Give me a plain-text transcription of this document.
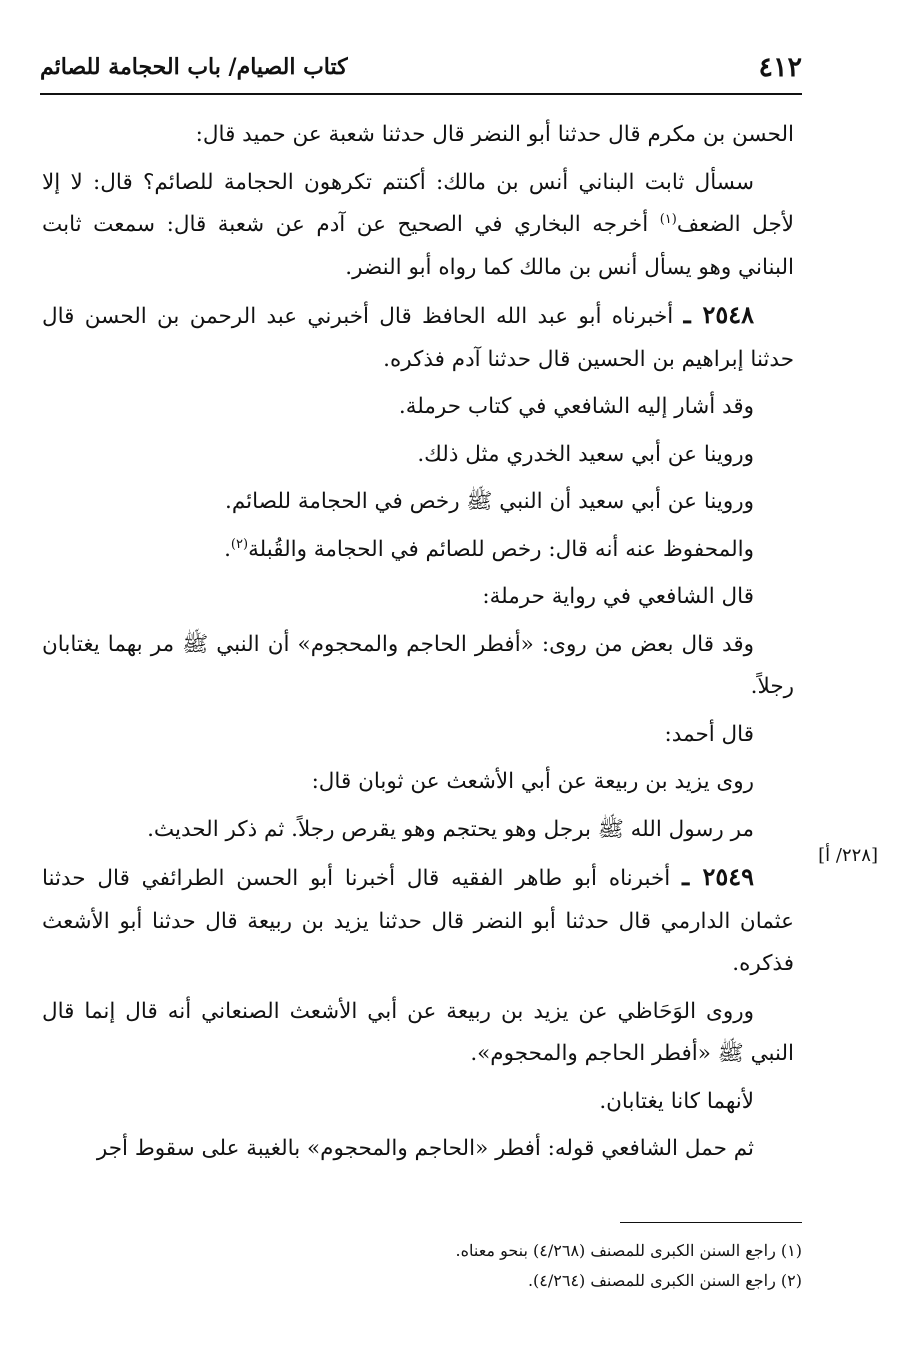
٤١٢
كتاب الصيام/ باب الحجامة للصائم

الحسن بن مكرم قال حدثنا أبو النضر قال حدثنا شعبة عن حميد قال:

سسأل ثابت البناني أنس بن مالك: أكنتم تكرهون الحجامة للصائم؟ قال: لا إلا لأجل الضعف$^{(١)}$ أخرجه البخاري في الصحيح عن آدم عن شعبة قال: سمعت ثابت البناني وهو يسأل أنس بن مالك كما رواه أبو النضر.

٢٥٤٨ ـ أخبرناه أبو عبد الله الحافظ قال أخبرني عبد الرحمن بن الحسن قال حدثنا إبراهيم بن الحسين قال حدثنا آدم فذكره.

وقد أشار إليه الشافعي في كتاب حرملة.

وروينا عن أبي سعيد الخدري مثل ذلك.

وروينا عن أبي سعيد أن النبي ﷺ رخص في الحجامة للصائم.

والمحفوظ عنه أنه قال: رخص للصائم في الحجامة والقُبلة$^{(٢)}$.

قال الشافعي في رواية حرملة:

وقد قال بعض من روى: «أفطر الحاجم والمحجوم» أن النبي ﷺ مر بهما يغتابان رجلاً.

قال أحمد:

روى يزيد بن ربيعة عن أبي الأشعث عن ثوبان قال:

مر رسول الله ﷺ برجل وهو يحتجم وهو يقرص رجلاً. ثم ذكر الحديث.

٢٥٤٩ ـ أخبرناه أبو طاهر الفقيه قال أخبرنا أبو الحسن الطرائفي قال حدثنا عثمان الدارمي قال حدثنا أبو النضر قال حدثنا يزيد بن ربيعة قال حدثنا أبو الأشعث فذكره.

وروى الوَحَاظي عن يزيد بن ربيعة عن أبي الأشعث الصنعاني أنه قال إنما قال النبي ﷺ «أفطر الحاجم والمحجوم».

لأنهما كانا يغتابان.

ثم حمل الشافعي قوله: أفطر «الحاجم والمحجوم» بالغيبة على سقوط أجر

[٢٢٨/ أ]
(١) راجع السنن الكبرى للمصنف (٤/٢٦٨) بنحو معناه.
(٢) راجع السنن الكبرى للمصنف (٤/٢٦٤).
